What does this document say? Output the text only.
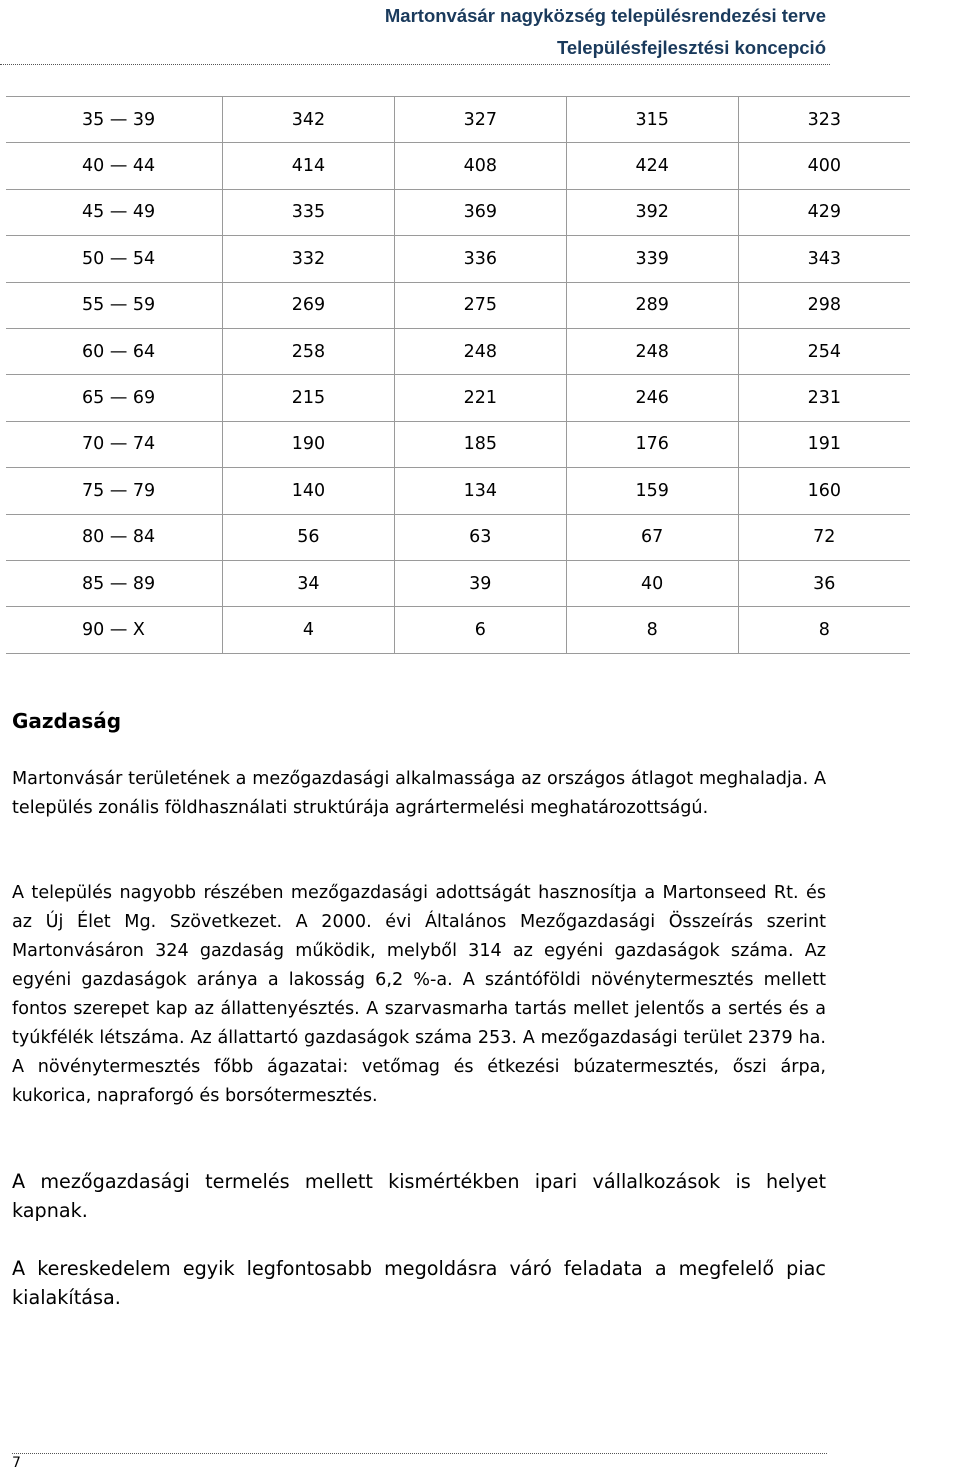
Martonvásár nagyközség településrendezési terve
Településfejlesztési koncepció
35 — 39	342	327	315	323
40 — 44	414	408	424	400
45 — 49	335	369	392	429
50 — 54	332	336	339	343
55 — 59	269	275	289	298
60 — 64	258	248	248	254
65 — 69	215	221	246	231
70 — 74	190	185	176	191
75 — 79	140	134	159	160
80 — 84	56	63	67	72
85 — 89	34	39	40	36
90 — X	4	6	8	8
Gazdaság

Martonvásár területének a mezőgazdasági alkalmassága az országos átlagot meghaladja. A település zonális földhasználati struktúrája agrártermelési meghatározottságú.

A település nagyobb részében mezőgazdasági adottságát hasznosítja a Martonseed Rt. és az Új Élet Mg. Szövetkezet. A 2000. évi Általános Mezőgazdasági Összeírás szerint Martonvásáron 324 gazdaság működik, melyből 314 az egyéni gazdaságok száma. Az egyéni gazdaságok aránya a lakosság 6,2 %-a. A szántóföldi növénytermesztés mellett fontos szerepet kap az állattenyésztés. A szarvasmarha tartás mellet jelentős a sertés és a tyúkfélék létszáma. Az állattartó gazdaságok száma 253. A mezőgazdasági terület 2379 ha. A növénytermesztés főbb ágazatai: vetőmag és étkezési búzatermesztés, őszi árpa, kukorica, napraforgó és borsótermesztés.

A mezőgazdasági termelés mellett kismértékben ipari vállalkozások is helyet kapnak.

A kereskedelem egyik legfontosabb megoldásra váró feladata a megfelelő piac kialakítása.

7
